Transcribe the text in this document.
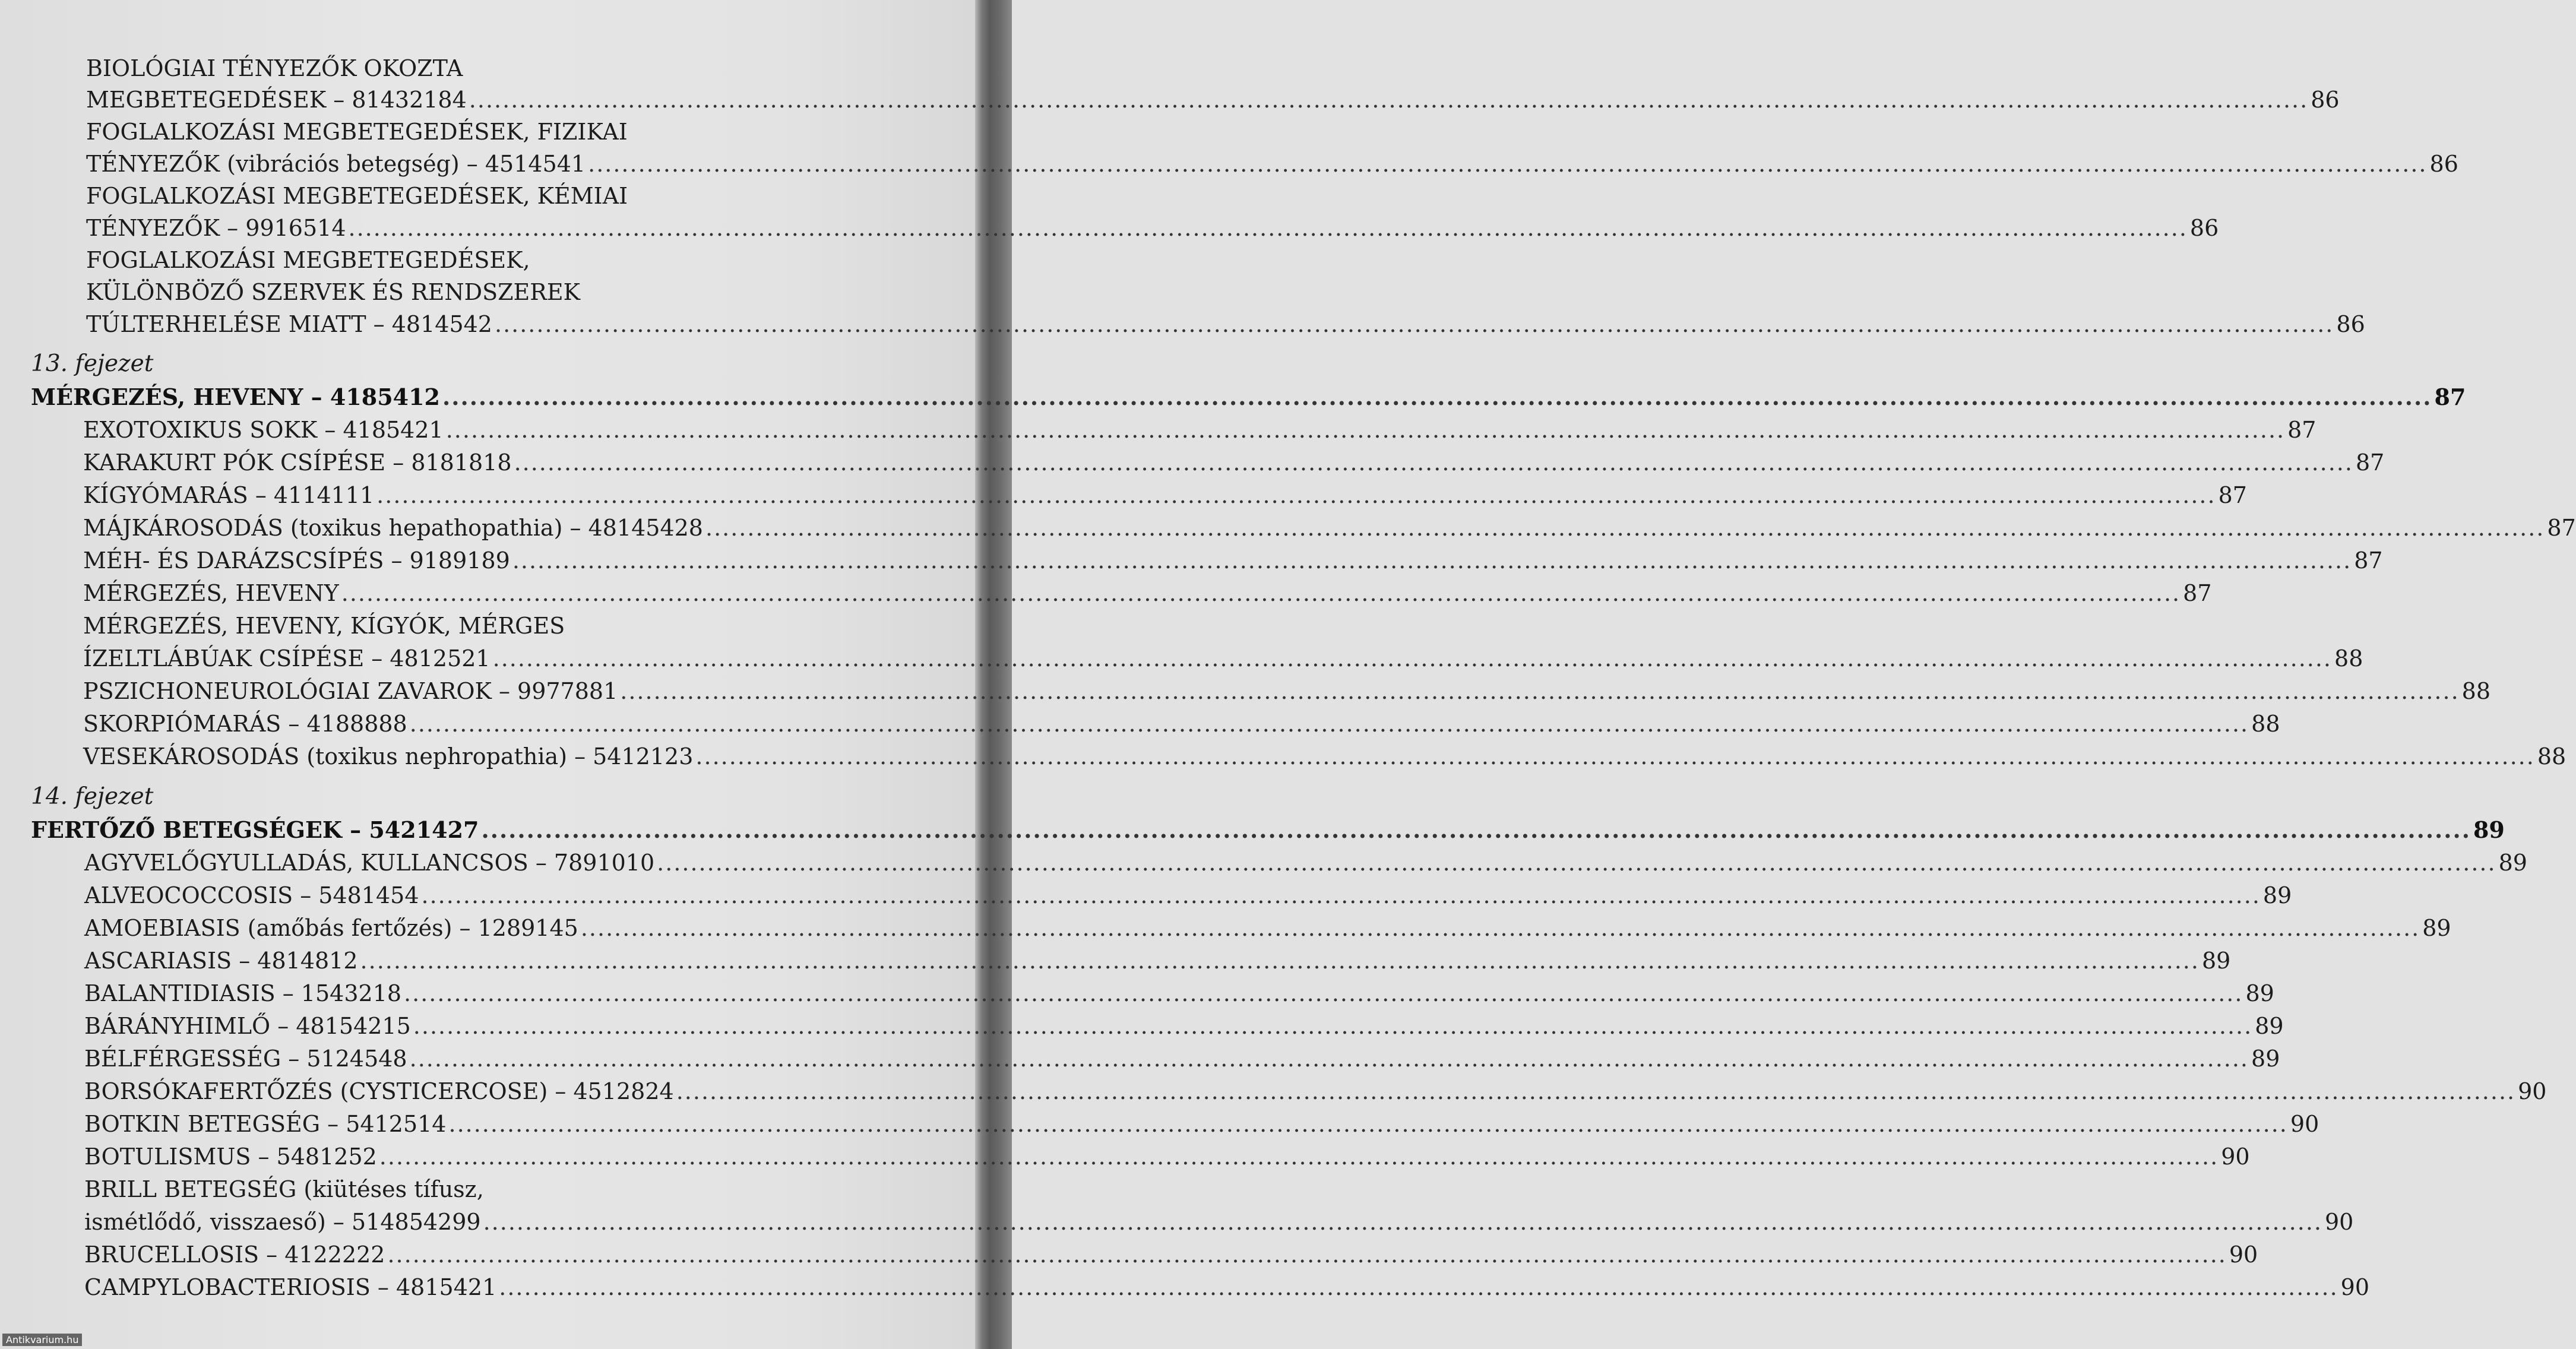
BIOLÓGIAI TÉNYEZŐK OKOZTA
MEGBETEGEDÉSEK – 81432184 ............................................................................................................................................................................................................................ 86
FOGLALKOZÁSI MEGBETEGEDÉSEK, FIZIKAI
TÉNYEZŐK (vibrációs betegség) – 4514541 ............................................................................................................................................................................................................................ 86
FOGLALKOZÁSI MEGBETEGEDÉSEK, KÉMIAI
TÉNYEZŐK – 9916514 ............................................................................................................................................................................................................................ 86
FOGLALKOZÁSI MEGBETEGEDÉSEK,
KÜLÖNBÖZŐ SZERVEK ÉS RENDSZEREK
TÚLTERHELÉSE MIATT – 4814542 ............................................................................................................................................................................................................................ 86
13. fejezet
MÉRGEZÉS, HEVENY – 4185412 ............................................................................................................................................................................................................................ 87
EXOTOXIKUS SOKK – 4185421 ............................................................................................................................................................................................................................ 87
KARAKURT PÓK CSÍPÉSE – 8181818 ............................................................................................................................................................................................................................ 87
KÍGYÓMARÁS – 4114111 ............................................................................................................................................................................................................................ 87
MÁJKÁROSODÁS (toxikus hepathopathia) – 48145428 ............................................................................................................................................................................................................................ 87
MÉH- ÉS DARÁZSCSÍPÉS – 9189189 ............................................................................................................................................................................................................................ 87
MÉRGEZÉS, HEVENY ............................................................................................................................................................................................................................ 87
MÉRGEZÉS, HEVENY, KÍGYÓK, MÉRGES
ÍZELTLÁBÚAK CSÍPÉSE – 4812521 ............................................................................................................................................................................................................................ 88
PSZICHONEUROLÓGIAI ZAVAROK – 9977881 ............................................................................................................................................................................................................................ 88
SKORPIÓMARÁS – 4188888 ............................................................................................................................................................................................................................ 88
VESEKÁROSODÁS (toxikus nephropathia) – 5412123 ............................................................................................................................................................................................................................ 88
14. fejezet
FERTŐZŐ BETEGSÉGEK – 5421427 ............................................................................................................................................................................................................................ 89
AGYVELŐGYULLADÁS, KULLANCSOS – 7891010 ............................................................................................................................................................................................................................ 89
ALVEOCOCCOSIS – 5481454 ............................................................................................................................................................................................................................ 89
AMOEBIASIS (amőbás fertőzés) – 1289145 ............................................................................................................................................................................................................................ 89
ASCARIASIS – 4814812 ............................................................................................................................................................................................................................ 89
BALANTIDIASIS – 1543218 ............................................................................................................................................................................................................................ 89
BÁRÁNYHIMLŐ – 48154215 ............................................................................................................................................................................................................................ 89
BÉLFÉRGESSÉG – 5124548 ............................................................................................................................................................................................................................ 89
BORSÓKAFERTŐZÉS (CYSTICERCOSE) – 4512824 ............................................................................................................................................................................................................................ 90
BOTKIN BETEGSÉG – 5412514 ............................................................................................................................................................................................................................ 90
BOTULISMUS – 5481252 ............................................................................................................................................................................................................................ 90
BRILL BETEGSÉG (kiütéses tífusz,
ismétlődő, visszaeső) – 514854299 ............................................................................................................................................................................................................................ 90
BRUCELLOSIS – 4122222 ............................................................................................................................................................................................................................ 90
CAMPYLOBACTERIOSIS – 4815421 ............................................................................................................................................................................................................................ 90
Antikvarium.hu
